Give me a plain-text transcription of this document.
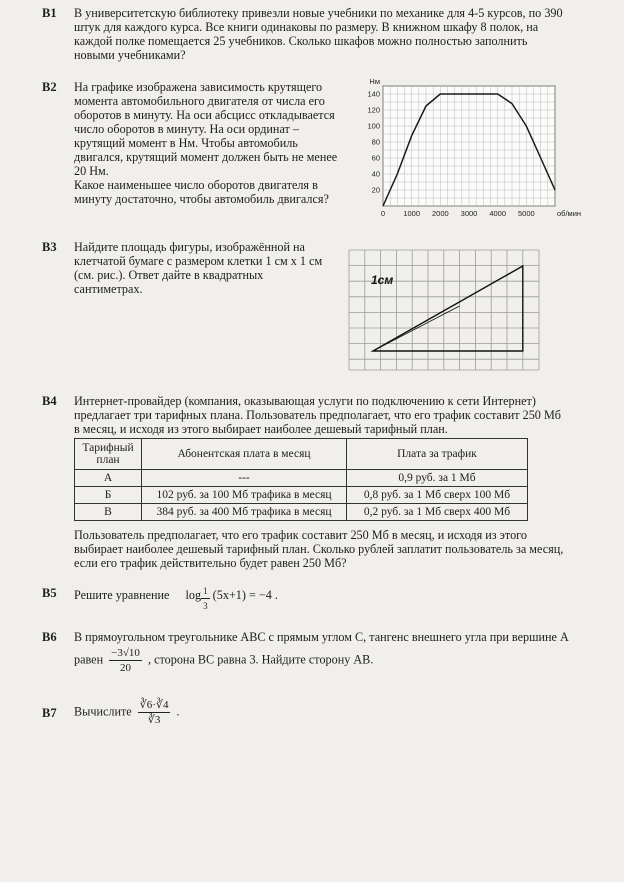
В1 В университетскую библиотеку привезли новые учебники по механике для 4-5 курсов, по 390

штук для каждого курса. Все книги одинаковы по размеру. В книжном шкафу 8 полок, на

каждой полке помещается 25 учебников. Сколько шкафов можно полностью заполнить

новыми учебниками?

В2 На графике изображена зависимость крутящего

момента автомобильного двигателя от числа его

оборотов в минуту. На оси абсцисс откладывается

число оборотов в минуту. На оси ординат –

крутящий момент в Нм. Чтобы автомобиль

двигался, крутящий момент должен быть не менее

20 Нм.

Какое наименьшее число оборотов двигателя в

минуту достаточно, чтобы автомобиль двигался?

0 1000 2000 3000 4000 5000
20
40
60
80
100
120
140
Нм
об/мин
В3 Найдите площадь фигуры, изображённой на

клетчатой бумаге с размером клетки 1 см х 1 см

(см. рис.). Ответ дайте в квадратных

сантиметрах.

1см
В4 Интернет-провайдер (компания, оказывающая услуги по подключению к сети Интернет)

предлагает три тарифных плана. Пользователь предполагает, что его трафик составит 250 Мб

в месяц, и исходя из этого выбирает наиболее дешевый тарифный план.

Тарифный план	Абонентская плата в месяц	Плата за трафик
А	---	0,9 руб. за 1 Мб
Б	102 руб. за 100 Мб трафика в месяц	0,8 руб. за 1 Мб сверх 100 Мб
В	384 руб. за 400 Мб трафика в месяц	0,2 руб. за 1 Мб сверх 400 Мб

Пользователь предполагает, что его трафик составит 250 Мб в месяц, и исходя из этого

выбирает наиболее дешевый тарифный план. Сколько рублей заплатит пользователь за месяц,

если его трафик действительно будет равен 250 Мб?

В5 Решите уравнение $\log \frac{1}{3} (5x+1) = -4$ .
В6 В прямоугольном треугольнике ABC с прямым углом C, тангенс внешнего угла при вершине A

равен $\frac{-3√10}{20}$ , сторона BC равна 3. Найдите сторону AB.

В7 Вычислите $\frac{∛6\cdot∛4}{∛3}$ .
